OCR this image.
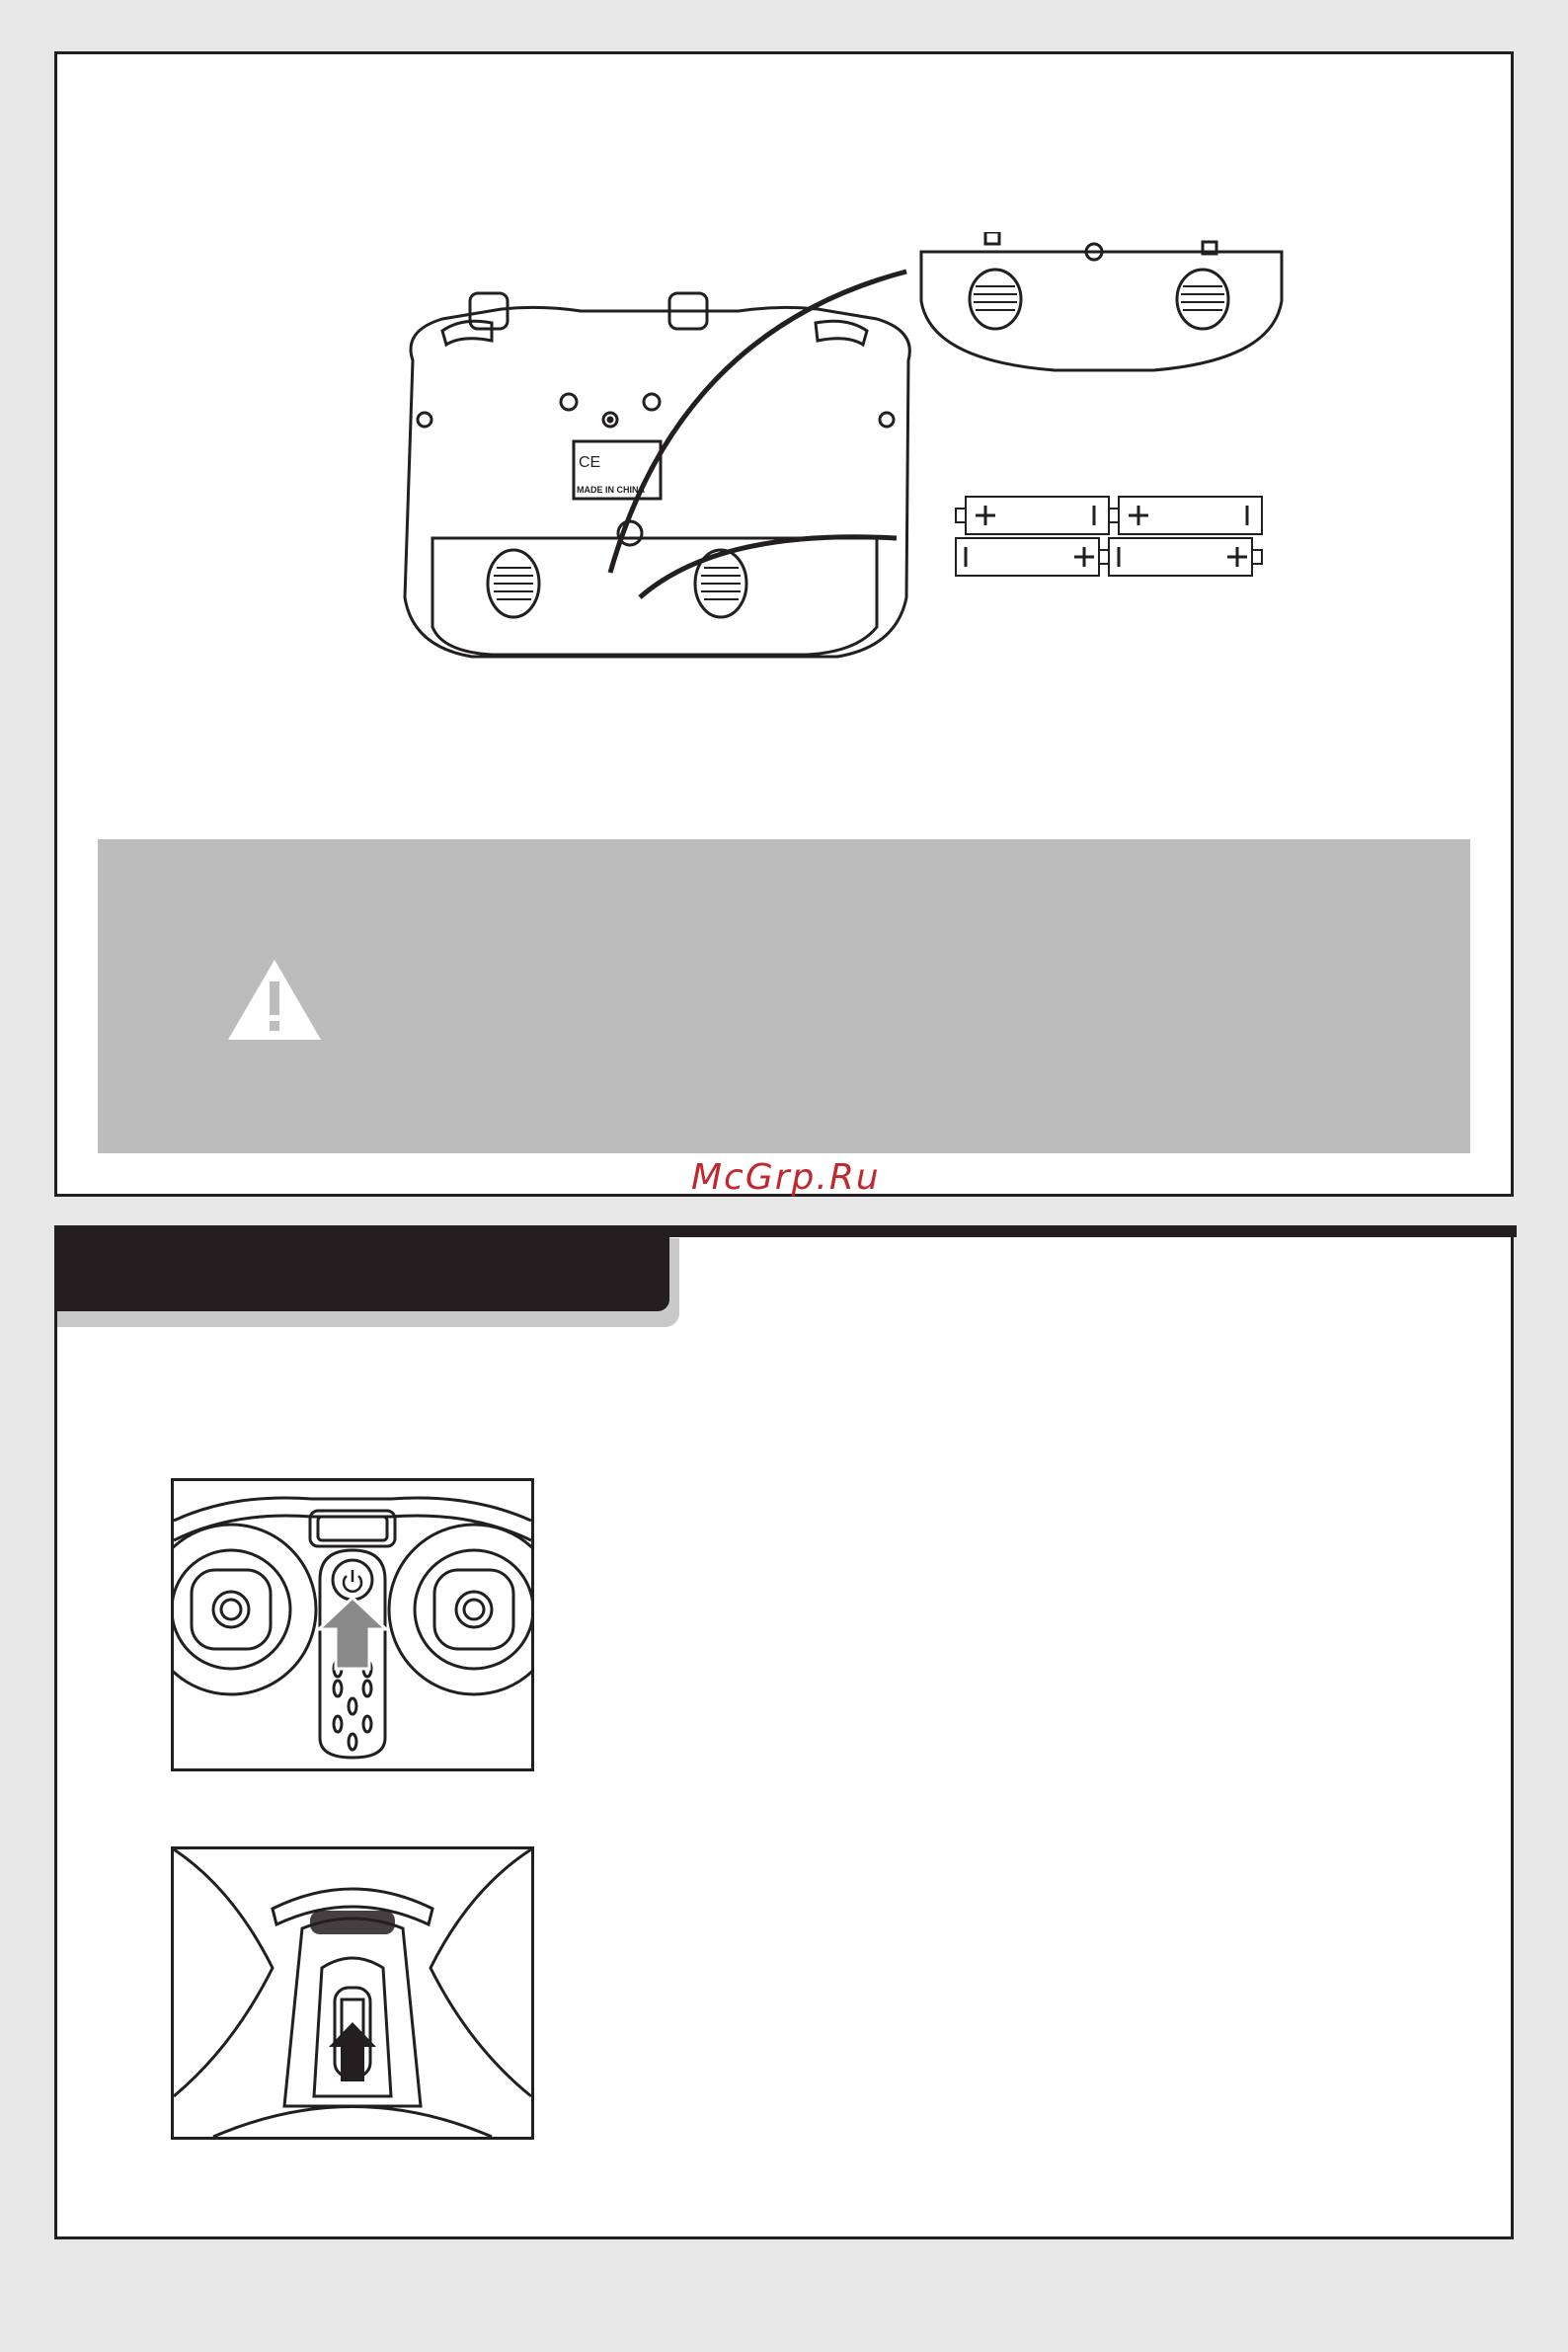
CE
MADE IN CHINA
McGrp.Ru
